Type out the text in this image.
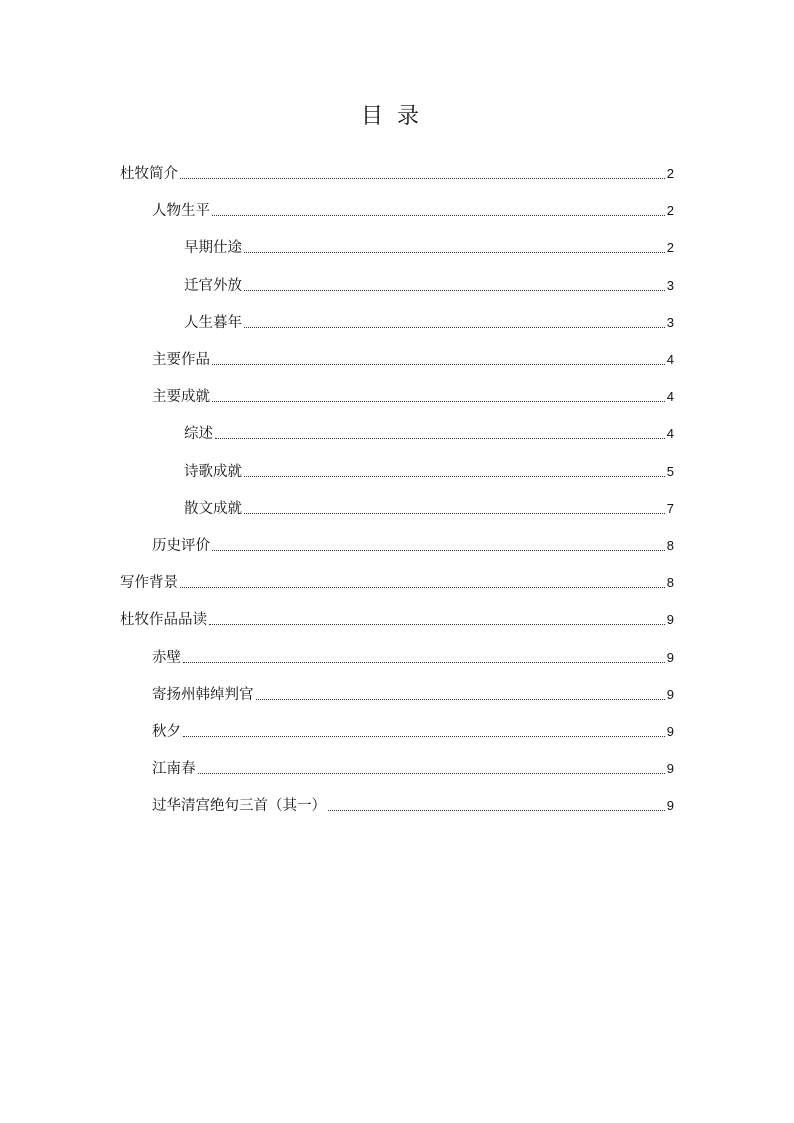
目录
杜牧简介	2
人物生平	2
早期仕途	2
迁官外放	3
人生暮年	3
主要作品	4
主要成就	4
综述	4
诗歌成就	5
散文成就	7
历史评价	8
写作背景	8
杜牧作品品读	9
赤壁	9
寄扬州韩绰判官	9
秋夕	9
江南春	9
过华清宫绝句三首（其一）	9
